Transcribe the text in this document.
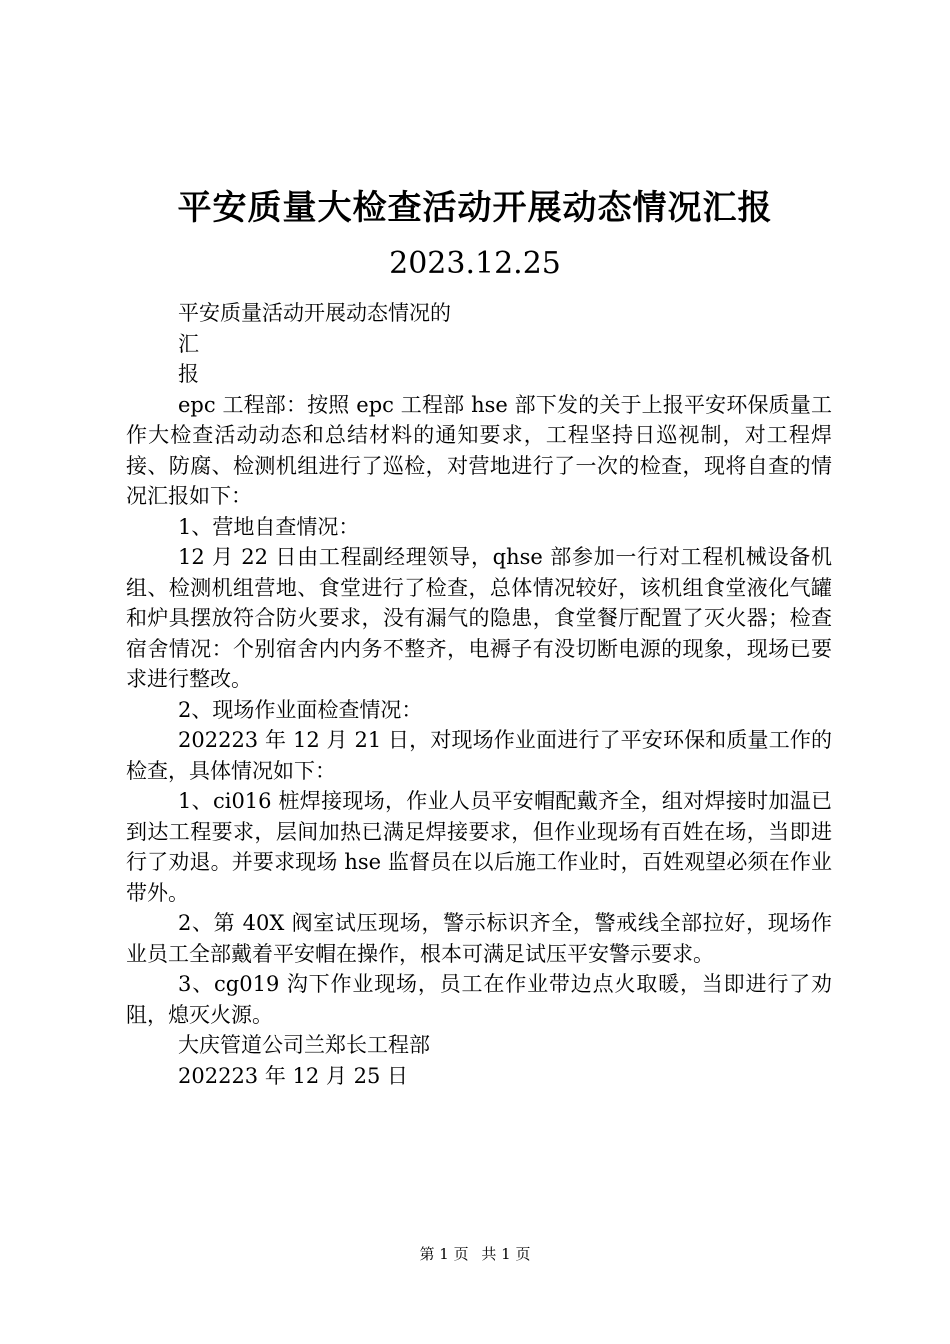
平安质量大检查活动开展动态情况汇报
2023.12.25

平安质量活动开展动态情况的

汇

报

epc 工程部：按照 epc 工程部 hse 部下发的关于上报平安环保质量工作大检查活动动态和总结材料的通知要求，工程坚持日巡视制，对工程焊接、防腐、检测机组进行了巡检，对营地进行了一次的检查，现将自查的情况汇报如下：

1、营地自查情况：

12 月 22 日由工程副经理领导，qhse 部参加一行对工程机械设备机组、检测机组营地、食堂进行了检查，总体情况较好，该机组食堂液化气罐和炉具摆放符合防火要求，没有漏气的隐患，食堂餐厅配置了灭火器；检查宿舍情况：个别宿舍内内务不整齐，电褥子有没切断电源的现象，现场已要求进行整改。

2、现场作业面检查情况：

202223 年 12 月 21 日，对现场作业面进行了平安环保和质量工作的检查，具体情况如下：

1、ci016 桩焊接现场，作业人员平安帽配戴齐全，组对焊接时加温已到达工程要求，层间加热已满足焊接要求，但作业现场有百姓在场，当即进行了劝退。并要求现场 hse 监督员在以后施工作业时，百姓观望必须在作业带外。

2、第 40X 阀室试压现场，警示标识齐全，警戒线全部拉好，现场作业员工全部戴着平安帽在操作，根本可满足试压平安警示要求。

3、cg019 沟下作业现场，员工在作业带边点火取暖，当即进行了劝阻，熄灭火源。

大庆管道公司兰郑长工程部

202223 年 12 月 25 日

第 1 页 共 1 页
